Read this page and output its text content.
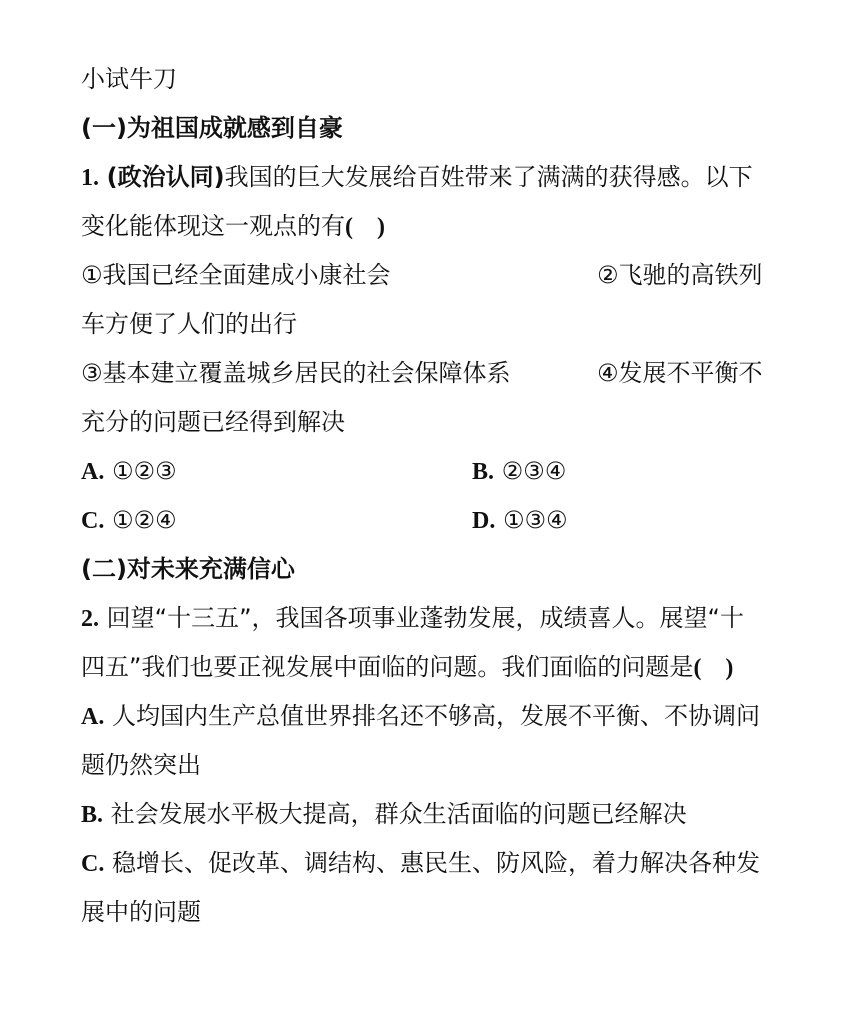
小试牛刀
(一)为祖国成就感到自豪
1. (政治认同)我国的巨大发展给百姓带来了满满的获得感。以下
变化能体现这一观点的有(　)
①我国已经全面建成小康社会	②飞驰的高铁列
车方便了人们的出行
③基本建立覆盖城乡居民的社会保障体系	④发展不平衡不
充分的问题已经得到解决
A. ①②③	B. ②③④
C. ①②④	D. ①③④
(二)对未来充满信心
2. 回望“十三五”，我国各项事业蓬勃发展，成绩喜人。展望“十
四五”我们也要正视发展中面临的问题。我们面临的问题是(　)
A. 人均国内生产总值世界排名还不够高，发展不平衡、不协调问
题仍然突出
B. 社会发展水平极大提高，群众生活面临的问题已经解决
C. 稳增长、促改革、调结构、惠民生、防风险，着力解决各种发
展中的问题
